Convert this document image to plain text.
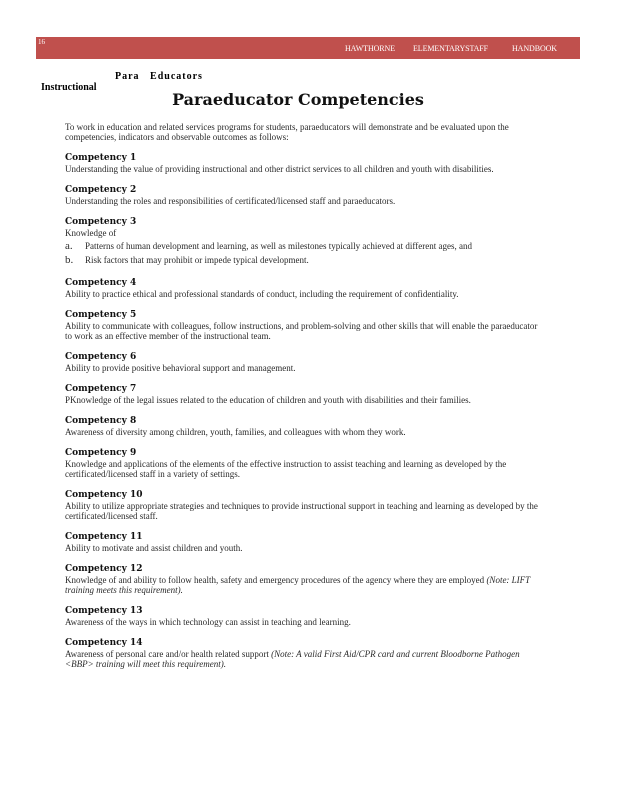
16
HAWTHORNE ELEMENTARYSTAFF	HANDBOOK

Instructional

Para   Educators

Paraeducator Competencies
To work in education and related services programs for students, paraeducators will demonstrate and be evaluated upon the competencies, indicators and observable outcomes as follows:
Competency 1
Understanding the value of providing instructional and other district services to all children and youth with disabilities.
Competency 2
Understanding the roles and responsibilities of certificated/licensed staff and paraeducators.
Competency 3
Knowledge of
a. Patterns of human development and learning, as well as milestones typically achieved at different ages, and
b. Risk factors that may prohibit or impede typical development.
Competency 4
Ability to practice ethical and professional standards of conduct, including the requirement of confidentiality.
Competency 5
Ability to communicate with colleagues, follow instructions, and problem-solving and other skills that will enable the paraeducator to work as an effective member of the instructional team.
Competency 6
Ability to provide positive behavioral support and management.
Competency 7
PKnowledge of the legal issues related to the education of children and youth with disabilities and their families.
Competency 8
Awareness of diversity among children, youth, families, and colleagues with whom they work.
Competency 9
Knowledge and applications of the elements of the effective instruction to assist teaching and learning as developed by the certificated/licensed staff in a variety of settings.
Competency 10
Ability to utilize appropriate strategies and techniques to provide instructional support in teaching and learning as developed by the certificated/licensed staff.
Competency 11
Ability to motivate and assist children and youth.
Competency 12
Knowledge of and ability to follow health, safety and emergency procedures of the agency where they are employed (Note: LIFT training meets this requirement).
Competency 13
Awareness of the ways in which technology can assist in teaching and learning.
Competency 14
Awareness of personal care and/or health related support (Note: A valid First Aid/CPR card and current Bloodborne Pathogen <BBP> training will meet this requirement).
